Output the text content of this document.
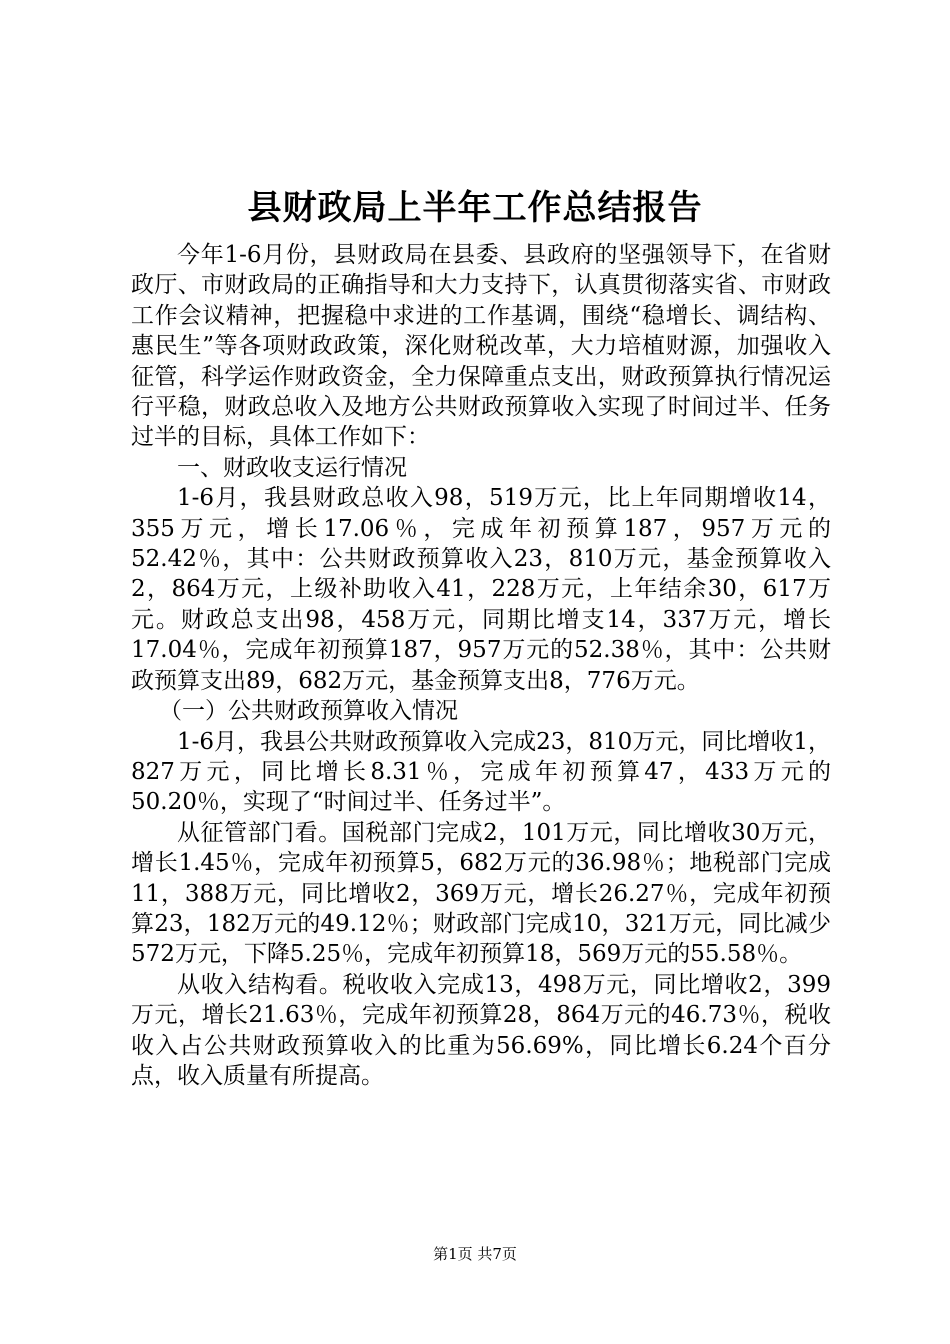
县财政局上半年工作总结报告

今年1-6月份，县财政局在县委、县政府的坚强领导下，在省财政厅、市财政局的正确指导和大力支持下，认真贯彻落实省、市财政工作会议精神，把握稳中求进的工作基调，围绕“稳增长、调结构、惠民生”等各项财政政策，深化财税改革，大力培植财源，加强收入征管，科学运作财政资金，全力保障重点支出，财政预算执行情况运行平稳，财政总收入及地方公共财政预算收入实现了时间过半、任务过半的目标，具体工作如下：

一、财政收支运行情况

1-6月，我县财政总收入98，519万元，比上年同期增收14，355万元，增长17.06％，完成年初预算187，957万元的52.42％，其中：公共财政预算收入23，810万元，基金预算收入2，864万元，上级补助收入41，228万元，上年结余30，617万元。财政总支出98，458万元，同期比增支14，337万元，增长17.04％，完成年初预算187，957万元的52.38％，其中：公共财政预算支出89，682万元，基金预算支出8，776万元。

（一）公共财政预算收入情况

1-6月，我县公共财政预算收入完成23，810万元，同比增收1，827万元，同比增长8.31％，完成年初预算47，433万元的50.20％，实现了“时间过半、任务过半”。

从征管部门看。国税部门完成2，101万元，同比增收30万元，增长1.45％，完成年初预算5，682万元的36.98％；地税部门完成11，388万元，同比增收2，369万元，增长26.27％，完成年初预算23，182万元的49.12％；财政部门完成10，321万元，同比减少572万元，下降5.25％，完成年初预算18，569万元的55.58％。

从收入结构看。税收收入完成13，498万元，同比增收2，399万元，增长21.63％，完成年初预算28，864万元的46.73％，税收收入占公共财政预算收入的比重为56.69%，同比增长6.24个百分点，收入质量有所提高。

第1页 共7页
